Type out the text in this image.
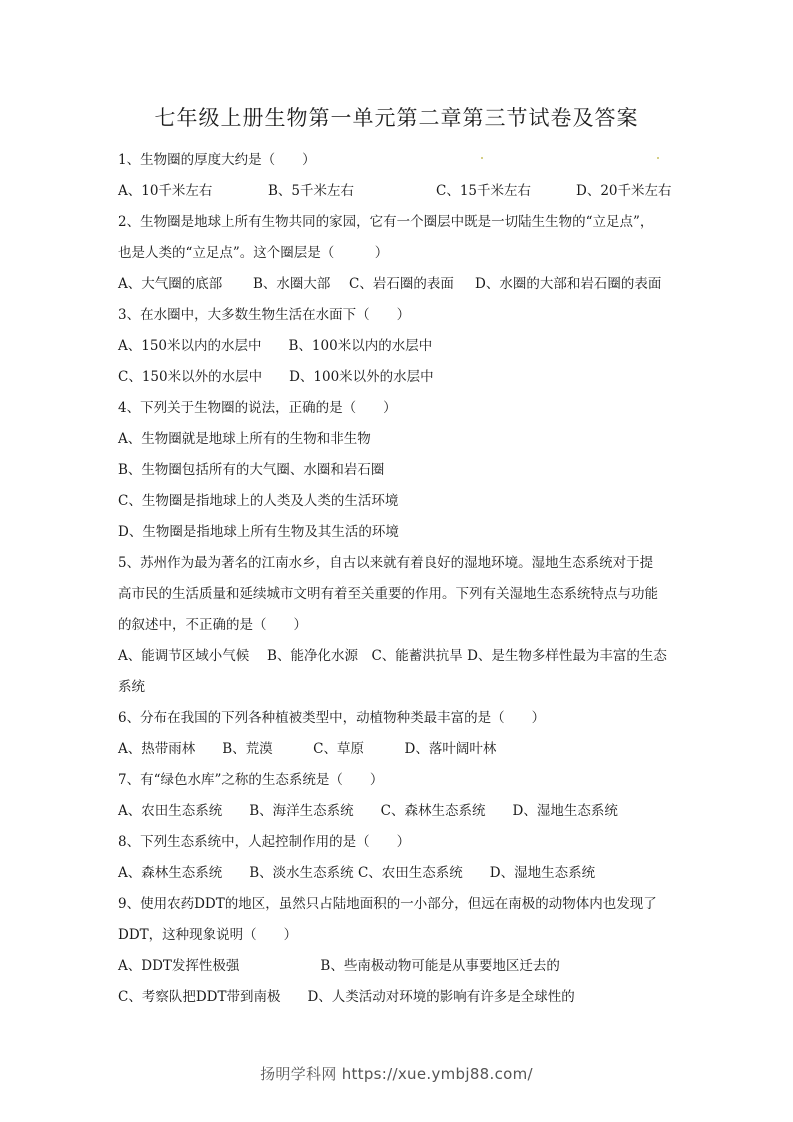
七年级上册生物第一单元第二章第三节试卷及答案
1、生物圈的厚度大约是（　　）
A、10千米左右	B、5千米左右	C、15千米左右	D、20千米左右
2、生物圈是地球上所有生物共同的家园，它有一个圈层中既是一切陆生生物的“立足点”，
也是人类的“立足点”。这个圈层是（　　　）
A、大气圈的底部	B、水圈大部	C、岩石圈的表面	D、水圈的大部和岩石圈的表面
3、在水圈中，大多数生物生活在水面下（　　）
A、150米以内的水层中　　B、100米以内的水层中
C、150米以外的水层中　　D、100米以外的水层中
4、下列关于生物圈的说法，正确的是（　　）
A、生物圈就是地球上所有的生物和非生物
B、生物圈包括所有的大气圈、水圈和岩石圈
C、生物圈是指地球上的人类及人类的生活环境
D、生物圈是指地球上所有生物及其生活的环境
5、苏州作为最为著名的江南水乡，自古以来就有着良好的湿地环境。湿地生态系统对于提
高市民的生活质量和延续城市文明有着至关重要的作用。下列有关湿地生态系统特点与功能
的叙述中，不正确的是（　　）
A、能调节区域小气候　 B、能净化水源　C、能蓄洪抗旱 D、是生物多样性最为丰富的生态
系统
6、分布在我国的下列各种植被类型中，动植物种类最丰富的是（　　）
A、热带雨林　　B、荒漠　　　C、草原　　　D、落叶阔叶林
7、有“绿色水库”之称的生态系统是（　　）
A、农田生态系统　　B、海洋生态系统　　C、森林生态系统　　D、湿地生态系统
8、下列生态系统中，人起控制作用的是（　　）
A、森林生态系统　　B、淡水生态系统 C、农田生态系统　　D、湿地生态系统
9、使用农药DDT的地区，虽然只占陆地面积的一小部分，但远在南极的动物体内也发现了
DDT，这种现象说明（　　）
A、DDT发挥性极强　　　　　　B、些南极动物可能是从事要地区迁去的
C、考察队把DDT带到南极　　D、人类活动对环境的影响有许多是全球性的
扬明学科网 https://xue.ymbj88.com/
